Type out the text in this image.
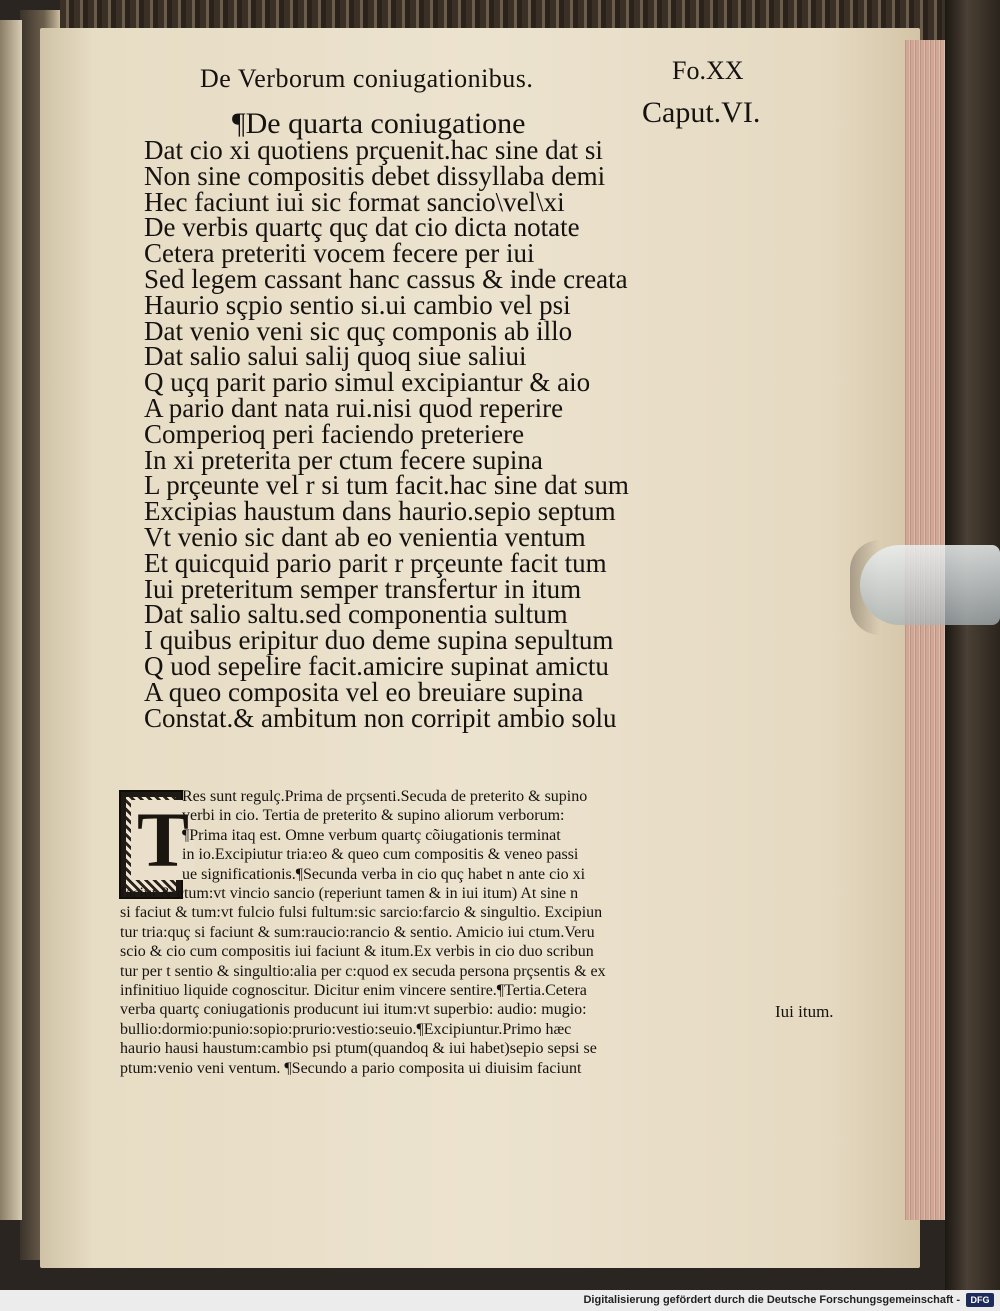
De Verborum coniugationibus.	Fo.XX
¶De quarta coniugatione	Caput.VI.
Dat cio xi quotiens prçuenit.hac sine dat si
Non sine compositis debet dissyllaba demi
Hec faciunt iui sic format sancio\vel\xi
De verbis quartç quç dat cio dicta notate
Cetera preteriti vocem fecere per iui
Sed legem cassant hanc cassus & inde creata
Haurio sçpio sentio si.ui cambio vel psi
Dat venio veni sic quç componis ab illo
Dat salio salui salij quoq siue saliui
Q uçq parit pario simul excipiantur & aio
A pario dant nata rui.nisi quod reperire
Comperioq peri faciendo preteriere
In xi preterita per ctum fecere supina
L prçeunte vel r si tum facit.hac sine dat sum
Excipias haustum dans haurio.sepio septum
Vt venio sic dant ab eo venientia ventum
Et quicquid pario parit r prçeunte facit tum
Iui preteritum semper transfertur in itum
Dat salio saltu.sed componentia sultum
I quibus eripitur duo deme supina sepultum
Q uod sepelire facit.amicire supinat amictu
A queo composita vel eo breuiare supina
Constat.& ambitum non corripit ambio solu
T
Res sunt regulç.Prima de prçsenti.Secuda de preterito & supino
verbi in cio. Tertia de preterito & supino aliorum verborum:
¶Prima itaq est. Omne verbum quartç cõiugationis terminat
in io.Excipiutur tria:eo & queo cum compositis & veneo passi
ue significationis.¶Secunda verba in cio quç habet n ante cio xi
faciut & ctum:vt vincio sancio (reperiunt tamen & in iui itum) At sine n
si faciut & tum:vt fulcio fulsi fultum:sic sarcio:farcio & singultio. Excipiun
tur tria:quç si faciunt & sum:raucio:rancio & sentio. Amicio iui ctum.Veru
scio & cio cum compositis iui faciunt & itum.Ex verbis in cio duo scribun
tur per t sentio & singultio:alia per c:quod ex secuda persona prçsentis & ex
infinitiuo liquide cognoscitur. Dicitur enim vincere sentire.¶Tertia.Cetera
verba quartç coniugationis producunt iui itum:vt superbio: audio: mugio:
bullio:dormio:punio:sopio:prurio:vestio:seuio.¶Excipiuntur.Primo hæc
haurio hausi haustum:cambio psi ptum(quandoq & iui habet)sepio sepsi se
ptum:venio veni ventum. ¶Secundo a pario composita ui diuisim faciunt
Iui itum.
Digitalisierung gefördert durch die Deutsche Forschungsgemeinschaft -	DFG
